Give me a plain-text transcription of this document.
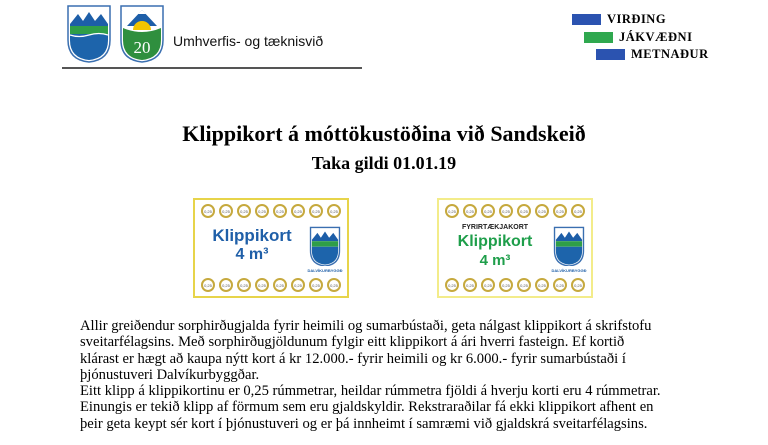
20 Umhverfis- og tæknisvið
VIRÐING
JÁKVÆÐNI
METNAÐUR
Klippikort á móttökustöðina við Sandskeið
Taka gildi 01.01.19
0,25	0,25	0,25	0,25	0,25	0,25	0,25	0,25
Klippikort
4 m³
0,25	0,25	0,25	0,25	0,25	0,25	0,25	0,25
DALVÍKURBYGGÐ
0,25	0,25	0,25	0,25	0,25	0,25	0,25	0,25
FYRIRTÆKJAKORT
Klippikort
4 m³
0,25	0,25	0,25	0,25	0,25	0,25	0,25	0,25
DALVÍKURBYGGÐ
Allir greiðendur sorphirðugjalda fyrir heimili og sumarbústaði, geta nálgast klippikort á skrifstofu
sveitarfélagsins. Með sorphirðugjöldunum fylgir eitt klippikort á ári hverri fasteign. Ef kortið
klárast er hægt að kaupa nýtt kort á kr 12.000.- fyrir heimili og kr 6.000.- fyrir sumarbústaði í
þjónustuveri Dalvíkurbyggðar.
Eitt klipp á klippikortinu er 0,25 rúmmetrar, heildar rúmmetra fjöldi á hverju korti eru 4 rúmmetrar.
Einungis er tekið klipp af förmum sem eru gjaldskyldir. Rekstraraðilar fá ekki klippikort afhent en
þeir geta keypt sér kort í þjónustuveri og er þá innheimt í samræmi við gjaldskrá sveitarfélagsins.
